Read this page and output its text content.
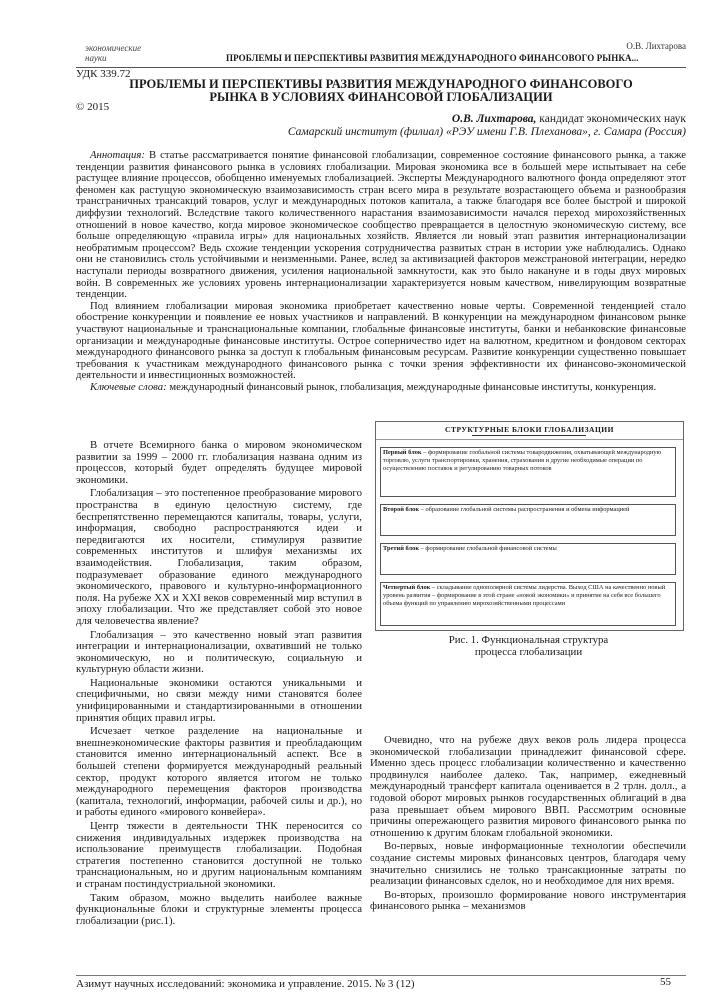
экономические
науки
О.В. Лихтарова
ПРОБЛЕМЫ И ПЕРСПЕКТИВЫ РАЗВИТИЯ МЕЖДУНАРОДНОГО ФИНАНСОВОГО РЫНКА...
УДК 339.72
ПРОБЛЕМЫ И ПЕРСПЕКТИВЫ РАЗВИТИЯ МЕЖДУНАРОДНОГО ФИНАНСОВОГО
РЫНКА В УСЛОВИЯХ ФИНАНСОВОЙ ГЛОБАЛИЗАЦИИ
© 2015
О.В. Лихтарова, кандидат экономических наук
Самарский институт (филиал) «РЭУ имени Г.В. Плеханова», г. Самара (Россия)

Аннотация: В статье рассматривается понятие финансовой глобализации, современное состояние финансового рынка, а также тенденции развития финансового рынка в условиях глобализации. Мировая экономика все в большей мере испытывает на себе растущее влияние процессов, обобщенно именуемых глобализацией. Эксперты Международного валютного фонда определяют этот феномен как растущую экономическую взаимозависимость стран всего мира в результате возрастающего объема и разнообразия трансграничных трансакций товаров, услуг и международных потоков капитала, а также благодаря все более быстрой и широкой диффузии технологий. Вследствие такого количественного нарастания взаимозависимости начался переход мирохозяйственных отношений в новое качество, когда мировое экономическое сообщество превращается в целостную экономическую систему, все больше определяющую «правила игры» для национальных хозяйств. Является ли новый этап развития интернационализации необратимым процессом? Ведь схожие тенденции ускорения сотрудничества развитых стран в истории уже наблюдались. Однако они не становились столь устойчивыми и неизменными. Ранее, вслед за активизацией факторов межстрановой интеграции, нередко наступали периоды возвратного движения, усиления национальной замкнутости, как это было накануне и в годы двух мировых войн. В современных же условиях уровень интернационализации характеризуется новым качеством, нивелирующим возвратные тенденции.

Под влиянием глобализации мировая экономика приобретает качественно новые черты. Современной тенденцией стало обострение конкуренции и появление ее новых участников и направлений. В конкуренции на международном финансовом рынке участвуют национальные и транснациональные компании, глобальные финансовые институты, банки и небанковские финансовые организации и международные финансовые институты. Острое соперничество идет на валютном, кредитном и фондовом секторах международного финансового рынка за доступ к глобальным финансовым ресурсам. Развитие конкуренции существенно повышает требования к участникам международного финансового рынка с точки зрения эффективности их финансово-экономической деятельности и инвестиционных возможностей.

Ключевые слова: международный финансовый рынок, глобализация, международные финансовые институты, конкуренция.

В отчете Всемирного банка о мировом экономическом развитии за 1999 – 2000 гг. глобализация названа одним из процессов, который будет определять будущее мировой экономики.

Глобализация – это постепенное преобразование мирового пространства в единую целостную систему, где беспрепятственно перемещаются капиталы, товары, услуги, информация, свободно распространяются идеи и передвигаются их носители, стимулируя развитие современных институтов и шлифуя механизмы их взаимодействия. Глобализация, таким образом, подразумевает образование единого международного экономического, правового и культурно-информационного поля. На рубеже XX и XXI веков современный мир вступил в эпоху глобализации. Что же представляет собой это новое для человечества явление?

Глобализация – это качественно новый этап развития интеграции и интернационализации, охвативший не только экономическую, но и политическую, социальную и культурную области жизни.

Национальные экономики остаются уникальными и специфичными, но связи между ними становятся более унифицированными и стандартизированными в отношении принятия общих правил игры.

Исчезает четкое разделение на национальные и внешнеэкономические факторы развития и преобладающим становится именно интернациональный аспект. Все в большей степени формируется международный реальный сектор, продукт которого является итогом не только международного перемещения факторов производства (капитала, технологий, информации, рабочей силы и др.), но и работы единого «мирового конвейера».

Центр тяжести в деятельности ТНК переносится со снижения индивидуальных издержек производства на использование преимуществ глобализации. Подобная стратегия постепенно становится доступной не только транснациональным, но и другим национальным компаниям и странам постиндустриальной экономики.

Таким образом, можно выделить наиболее важные функциональные блоки и структурные элементы процесса глобализации (рис.1).

СТРУКТУРНЫЕ БЛОКИ ГЛОБАЛИЗАЦИИ
Первый блок – формирование глобальной системы товародвижения, охватывающей международную торговлю, услуги транспортировки, хранения, страхования и другие необходимые операции по осуществлению поставок и регулированию товарных потоков
Второй блок – образование глобальной системы распространения и обмена информацией
Третий блок – формирование глобальной финансовой системы
Четвертый блок – складывание однополярной системы лидерства. Выход США на качественно новый уровень развития – формирование в этой стране «новой экономики» и принятие на себя все большего объема функций по управлению мирохозяйственными процессами
Рис. 1. Функциональная структура
процесса глобализации

Очевидно, что на рубеже двух веков роль лидера процесса экономической глобализации принадлежит финансовой сфере. Именно здесь процесс глобализации количественно и качественно продвинулся наиболее далеко. Так, например, ежедневный международный трансферт капитала оценивается в 2 трлн. долл., а годовой оборот мировых рынков государственных облигаций в два раза превышает объем мирового ВВП. Рассмотрим основные причины опережающего развития мирового финансового рынка по отношению к другим блокам глобальной экономики.

Во-первых, новые информационные технологии обеспечили создание системы мировых финансовых центров, благодаря чему значительно снизились не только трансакционные затраты по реализации финансовых сделок, но и необходимое для них время.

Во-вторых, произошло формирование нового инструментария финансового рынка – механизмов

Азимут научных исследований: экономика и управление. 2015. № 3 (12)	55
